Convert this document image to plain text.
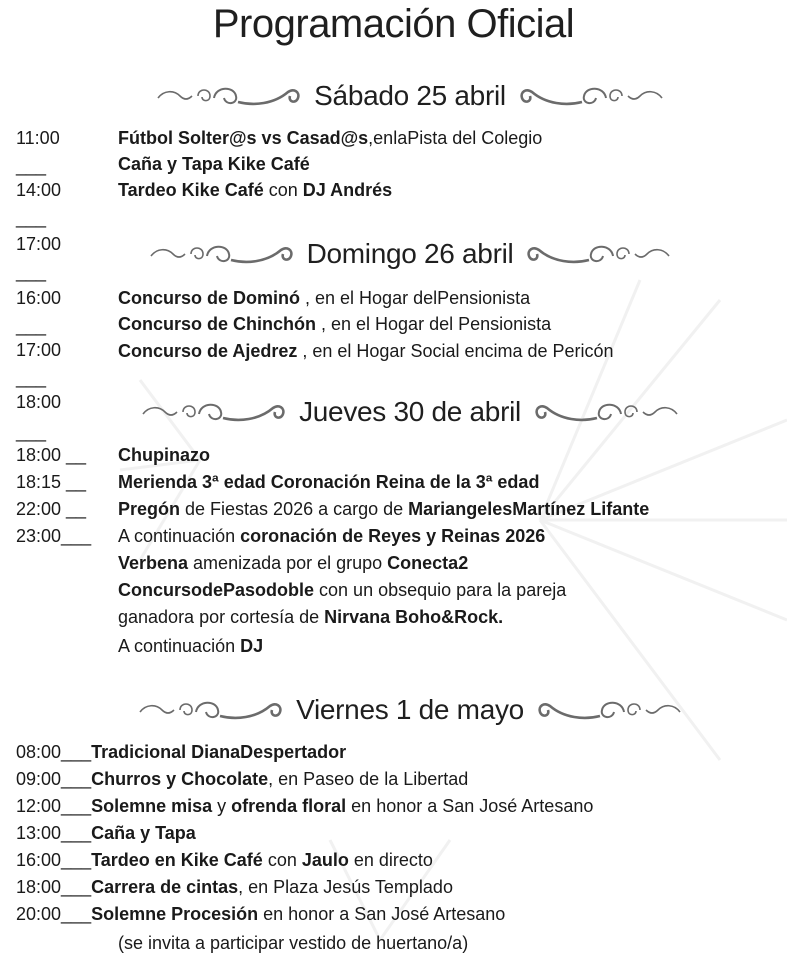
Programación Oficial
Sábado 25 abril
Domingo 26 abril
Jueves 30 de abril
Viernes 1 de mayo
11:00
___
14:00
___
17:00
___
Fútbol Solter@s vs Casad@s,enlaPista del Colegio
Caña y Tapa Kike Café
Tardeo Kike Café con DJ Andrés
16:00
___
17:00
___
18:00
___
Concurso de Dominó , en el Hogar delPensionista
Concurso de Chinchón , en el Hogar del Pensionista
Concurso de Ajedrez , en el Hogar Social encima de Pericón
18:00 __ Chupinazo
18:15 __ Merienda 3ª edad Coronación Reina de la 3ª edad
22:00 __ Pregón de Fiestas 2026 a cargo de MariangelesMartínez Lifante
23:00___ A continuación coronación de Reyes y Reinas 2026
Verbena amenizada por el grupo Conecta2
ConcursodePasodoble con un obsequio para la pareja
ganadora por cortesía de Nirvana Boho&Rock.
A continuación DJ
08:00___Tradicional DianaDespertador
09:00___Churros y Chocolate, en Paseo de la Libertad
12:00___Solemne misa y ofrenda floral en honor a San José Artesano
13:00___Caña y Tapa
16:00___Tardeo en Kike Café con Jaulo en directo
18:00___Carrera de cintas, en Plaza Jesús Templado
20:00___Solemne Procesión en honor a San José Artesano
(se invita a participar vestido de huertano/a)
